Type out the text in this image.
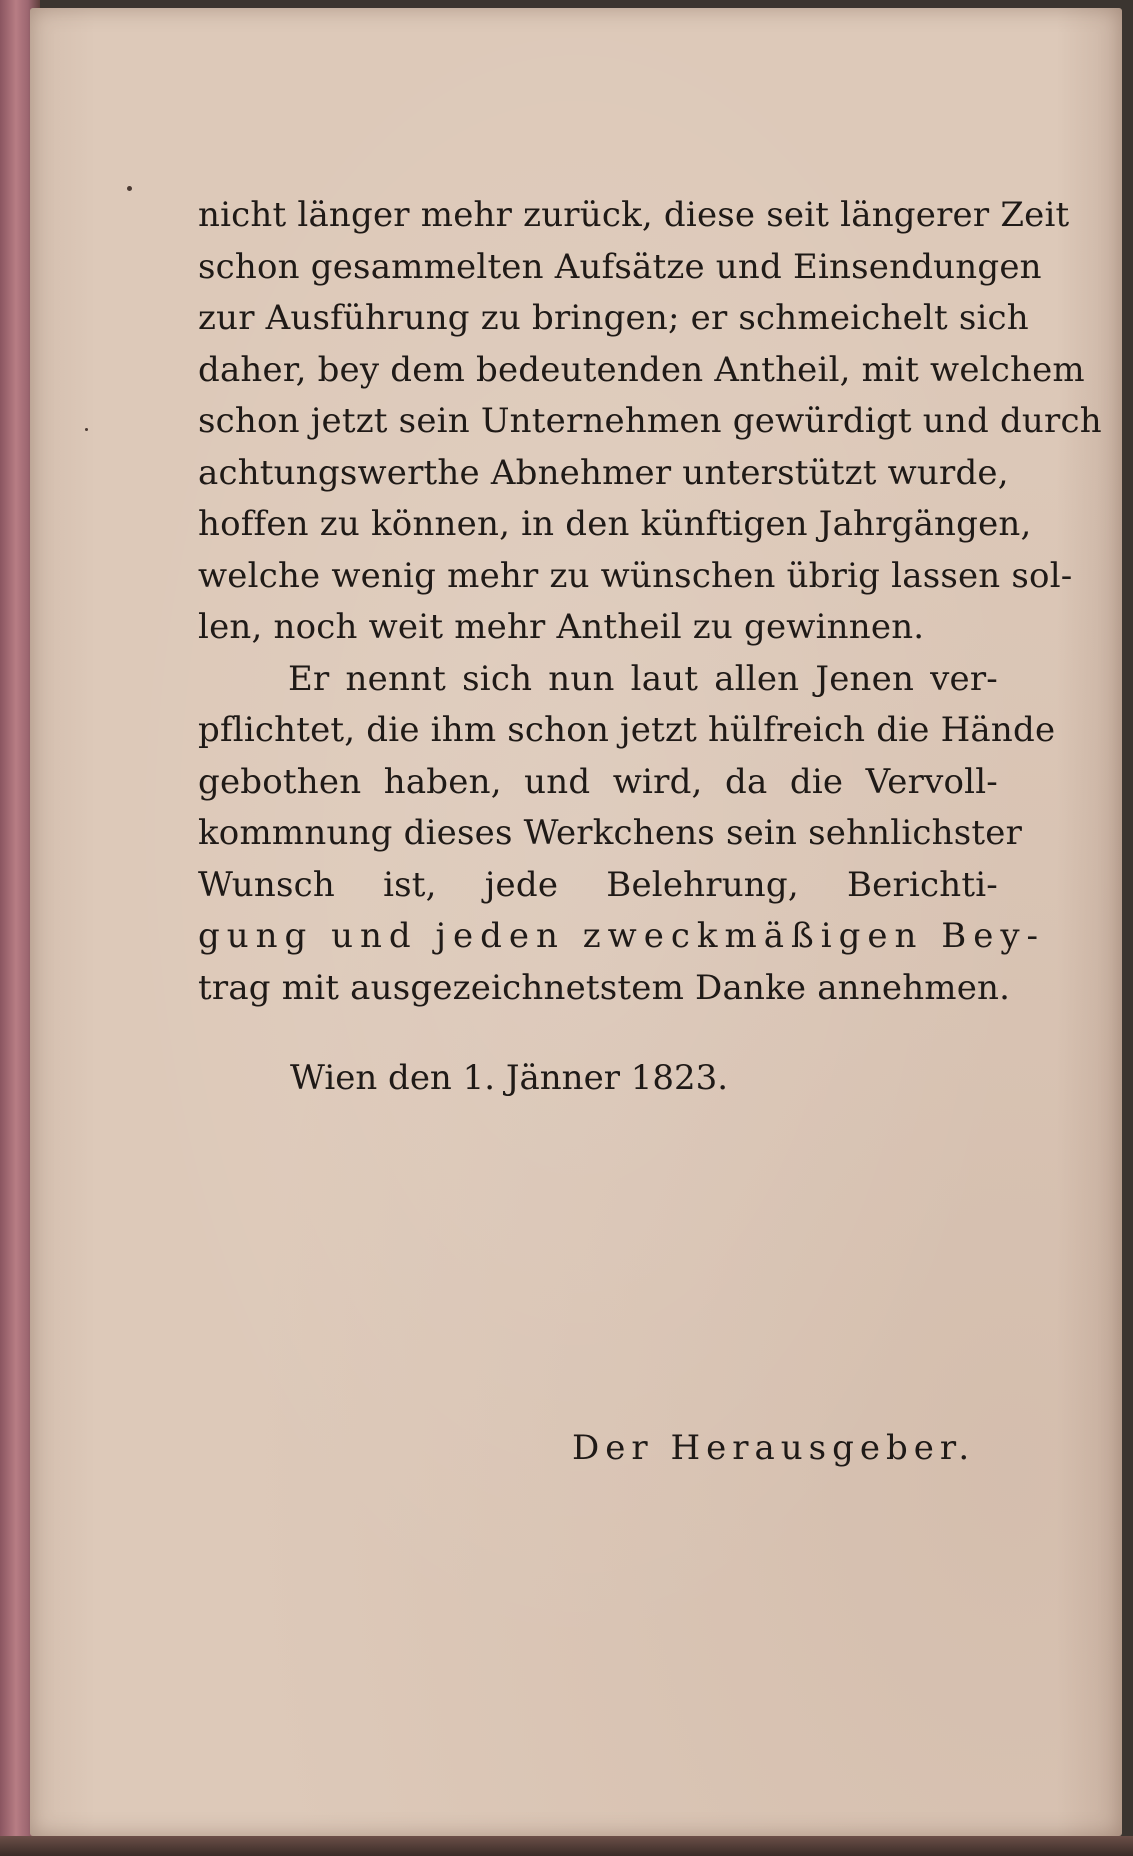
nicht länger mehr zurück, diese seit längerer Zeit
schon gesammelten Aufsätze und Einsendungen
zur Ausführung zu bringen; er schmeichelt sich
daher, bey dem bedeutenden Antheil, mit welchem
schon jetzt sein Unternehmen gewürdigt und durch
achtungswerthe Abnehmer unterstützt wurde,
hoffen zu können, in den künftigen Jahrgängen,
welche wenig mehr zu wünschen übrig lassen sol-
len, noch weit mehr Antheil zu gewinnen.
Er nennt sich nun laut allen Jenen ver-
pflichtet, die ihm schon jetzt hülfreich die Hände
gebothen haben, und wird, da die Vervoll-
kommnung dieses Werkchens sein sehnlichster
Wunsch ist, jede Belehrung, Berichti-
gung und jeden zweckmäßigen Bey-
trag mit ausgezeichnetstem Danke annehmen.
Wien den 1. Jänner 1823.
Der Herausgeber.
